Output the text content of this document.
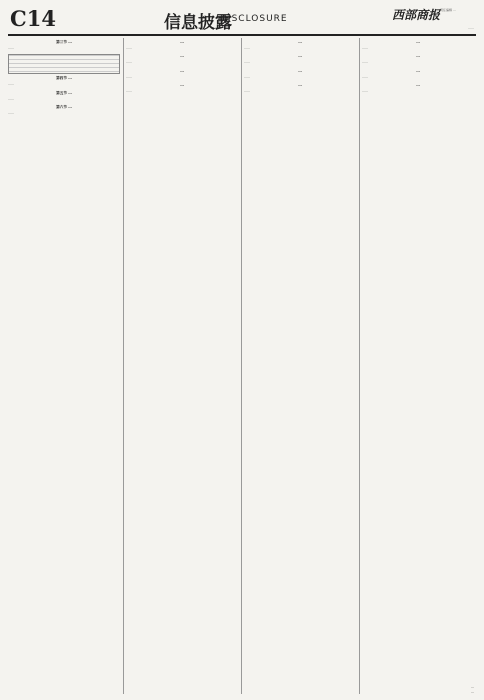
C14	信息披露
DISCLOSURE	西部商报 责任编辑 …
……
第三节 …
……
第四节 …
……
第五节 …
……
第六节 …
……
…
……
…
……
…
……
…
……
…
……
…
……
…
……
…
……
…
……
…
……
…
……
…
……
…
…
